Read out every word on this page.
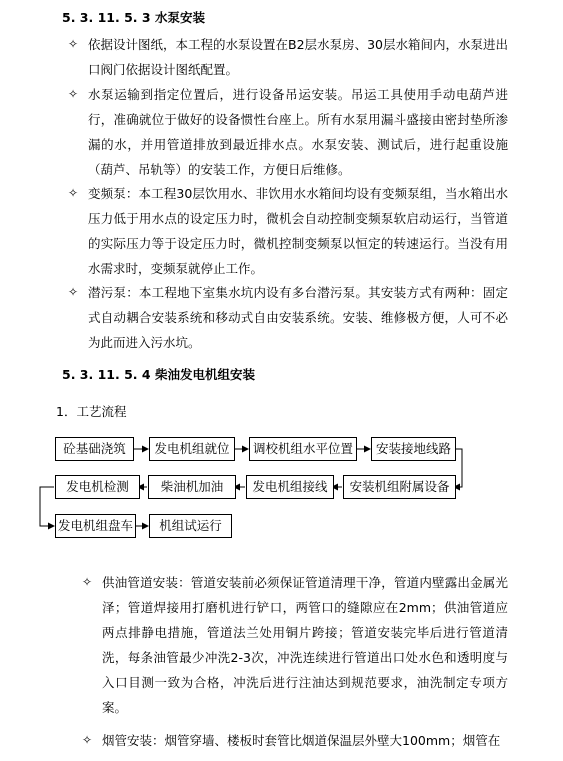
5. 3. 11. 5. 3 水泵安装
✧ 依据设计图纸，本工程的水泵设置在B2层水泵房、30层水箱间内，水泵进出口阀门依据设计图纸配置。
✧ 水泵运输到指定位置后，进行设备吊运安装。吊运工具使用手动电葫芦进行，准确就位于做好的设备惯性台座上。所有水泵用漏斗盛接由密封垫所渗漏的水，并用管道排放到最近排水点。水泵安装、测试后，进行起重设施（葫芦、吊轨等）的安装工作，方便日后维修。
✧ 变频泵：本工程30层饮用水、非饮用水水箱间均设有变频泵组，当水箱出水压力低于用水点的设定压力时，微机会自动控制变频泵软启动运行，当管道的实际压力等于设定压力时，微机控制变频泵以恒定的转速运行。当没有用水需求时，变频泵就停止工作。
✧ 潜污泵：本工程地下室集水坑内设有多台潜污泵。其安装方式有两种：固定式自动耦合安装系统和移动式自由安装系统。安装、维修极方便，人可不必为此而进入污水坑。
5. 3. 11. 5. 4 柴油发电机组安装
1．工艺流程
砼基础浇筑	发电机组就位	调校机组水平位置	安装接地线路
发电机检测	柴油机加油	发电机组接线	安装机组附属设备
发电机组盘车	机组试运行
✧ 供油管道安装：管道安装前必须保证管道清理干净，管道内壁露出金属光泽；管道焊接用打磨机进行铲口，两管口的缝隙应在2mm；供油管道应两点排静电措施，管道法兰处用铜片跨接；管道安装完毕后进行管道清洗，每条油管最少冲洗2-3次，冲洗连续进行管道出口处水色和透明度与入口目测一致为合格，冲洗后进行注油达到规范要求，油洗制定专项方案。
✧ 烟管安装：烟管穿墙、楼板时套管比烟道保温层外壁大100mm；烟管在
